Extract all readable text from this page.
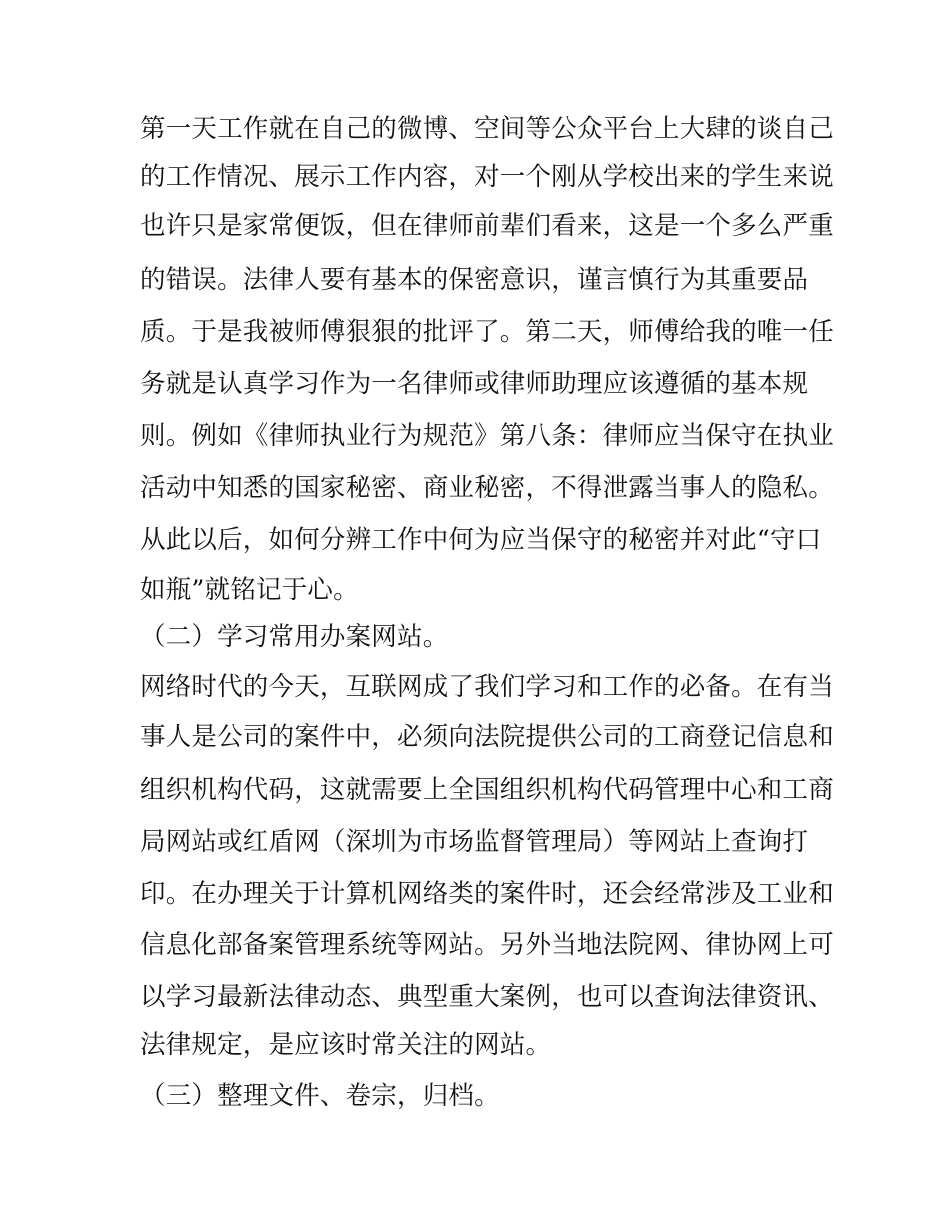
第一天工作就在自己的微博、空间等公众平台上大肆的谈自己
的工作情况、展示工作内容，对一个刚从学校出来的学生来说
也许只是家常便饭，但在律师前辈们看来，这是一个多么严重
的错误。法律人要有基本的保密意识，谨言慎行为其重要品
质。于是我被师傅狠狠的批评了。第二天，师傅给我的唯一任
务就是认真学习作为一名律师或律师助理应该遵循的基本规
则。例如《律师执业行为规范》第八条：律师应当保守在执业
活动中知悉的国家秘密、商业秘密，不得泄露当事人的隐私。
从此以后，如何分辨工作中何为应当保守的秘密并对此“守口
如瓶”就铭记于心。
（二）学习常用办案网站。
网络时代的今天，互联网成了我们学习和工作的必备。在有当
事人是公司的案件中，必须向法院提供公司的工商登记信息和
组织机构代码，这就需要上全国组织机构代码管理中心和工商
局网站或红盾网（深圳为市场监督管理局）等网站上查询打
印。在办理关于计算机网络类的案件时，还会经常涉及工业和
信息化部备案管理系统等网站。另外当地法院网、律协网上可
以学习最新法律动态、典型重大案例，也可以查询法律资讯、
法律规定，是应该时常关注的网站。
（三）整理文件、卷宗，归档。
